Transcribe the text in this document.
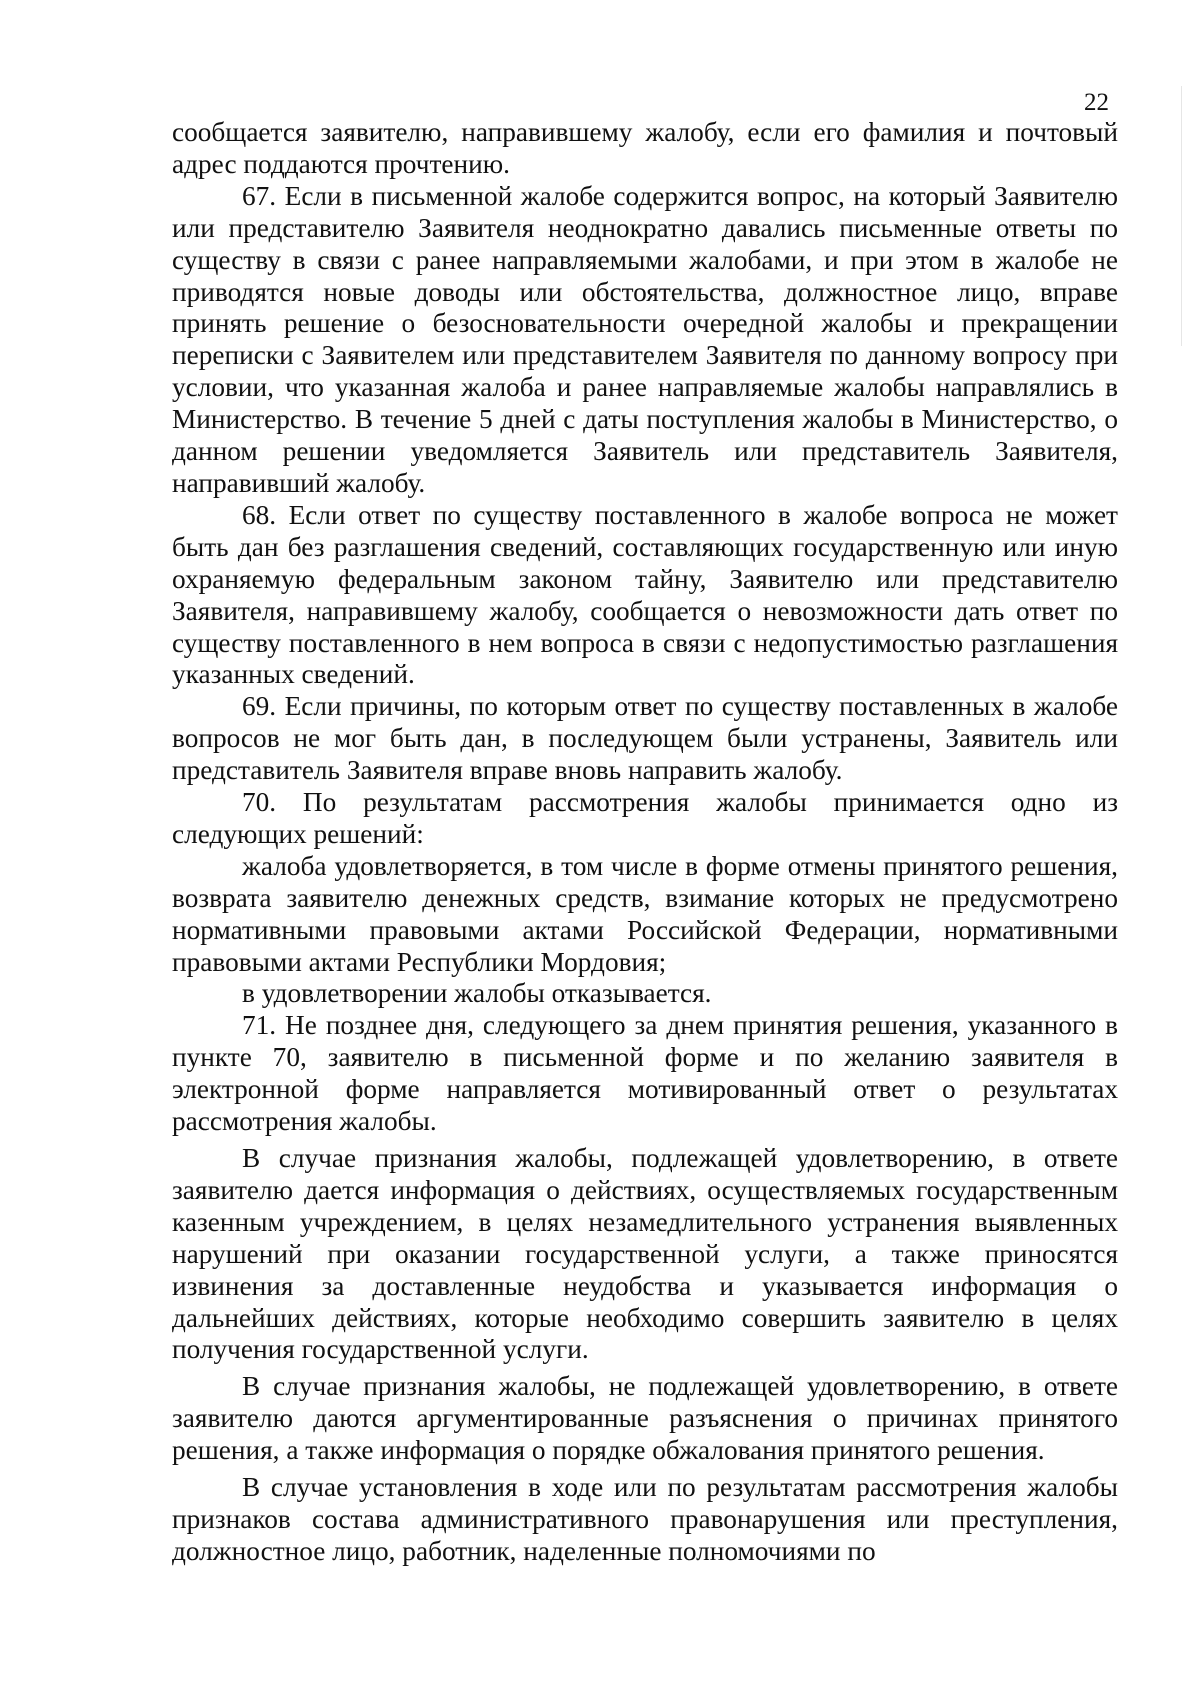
22

сообщается заявителю, направившему жалобу, если его фамилия и почтовый адрес поддаются прочтению.

67. Если в письменной жалобе содержится вопрос, на который Заявителю или представителю Заявителя неоднократно давались письменные ответы по существу в связи с ранее направляемыми жалобами, и при этом в жалобе не приводятся новые доводы или обстоятельства, должностное лицо, вправе принять решение о безосновательности очередной жалобы и прекращении переписки с Заявителем или представителем Заявителя по данному вопросу при условии, что указанная жалоба и ранее направляемые жалобы направлялись в Министерство. В течение 5 дней с даты поступления жалобы в Министерство, о данном решении уведомляется Заявитель или представитель Заявителя, направивший жалобу.

68. Если ответ по существу поставленного в жалобе вопроса не может быть дан без разглашения сведений, составляющих государственную или иную охраняемую федеральным законом тайну, Заявителю или представителю Заявителя, направившему жалобу, сообщается о невозможности дать ответ по существу поставленного в нем вопроса в связи с недопустимостью разглашения указанных сведений.

69. Если причины, по которым ответ по существу поставленных в жалобе вопросов не мог быть дан, в последующем были устранены, Заявитель или представитель Заявителя вправе вновь направить жалобу.

70. По результатам рассмотрения жалобы принимается одно из следующих решений:

жалоба удовлетворяется, в том числе в форме отмены принятого решения, возврата заявителю денежных средств, взимание которых не предусмотрено нормативными правовыми актами Российской Федерации, нормативными правовыми актами Республики Мордовия;

в удовлетворении жалобы отказывается.

71. Не позднее дня, следующего за днем принятия решения, указанного в пункте 70, заявителю в письменной форме и по желанию заявителя в электронной форме направляется мотивированный ответ о результатах рассмотрения жалобы.

В случае признания жалобы, подлежащей удовлетворению, в ответе заявителю дается информация о действиях, осуществляемых государственным казенным учреждением, в целях незамедлительного устранения выявленных нарушений при оказании государственной услуги, а также приносятся извинения за доставленные неудобства и указывается информация о дальнейших действиях, которые необходимо совершить заявителю в целях получения государственной услуги.

В случае признания жалобы, не подлежащей удовлетворению, в ответе заявителю даются аргументированные разъяснения о причинах принятого решения, а также информация о порядке обжалования принятого решения.

В случае установления в ходе или по результатам рассмотрения жалобы признаков состава административного правонарушения или преступления, должностное лицо, работник, наделенные полномочиями по
